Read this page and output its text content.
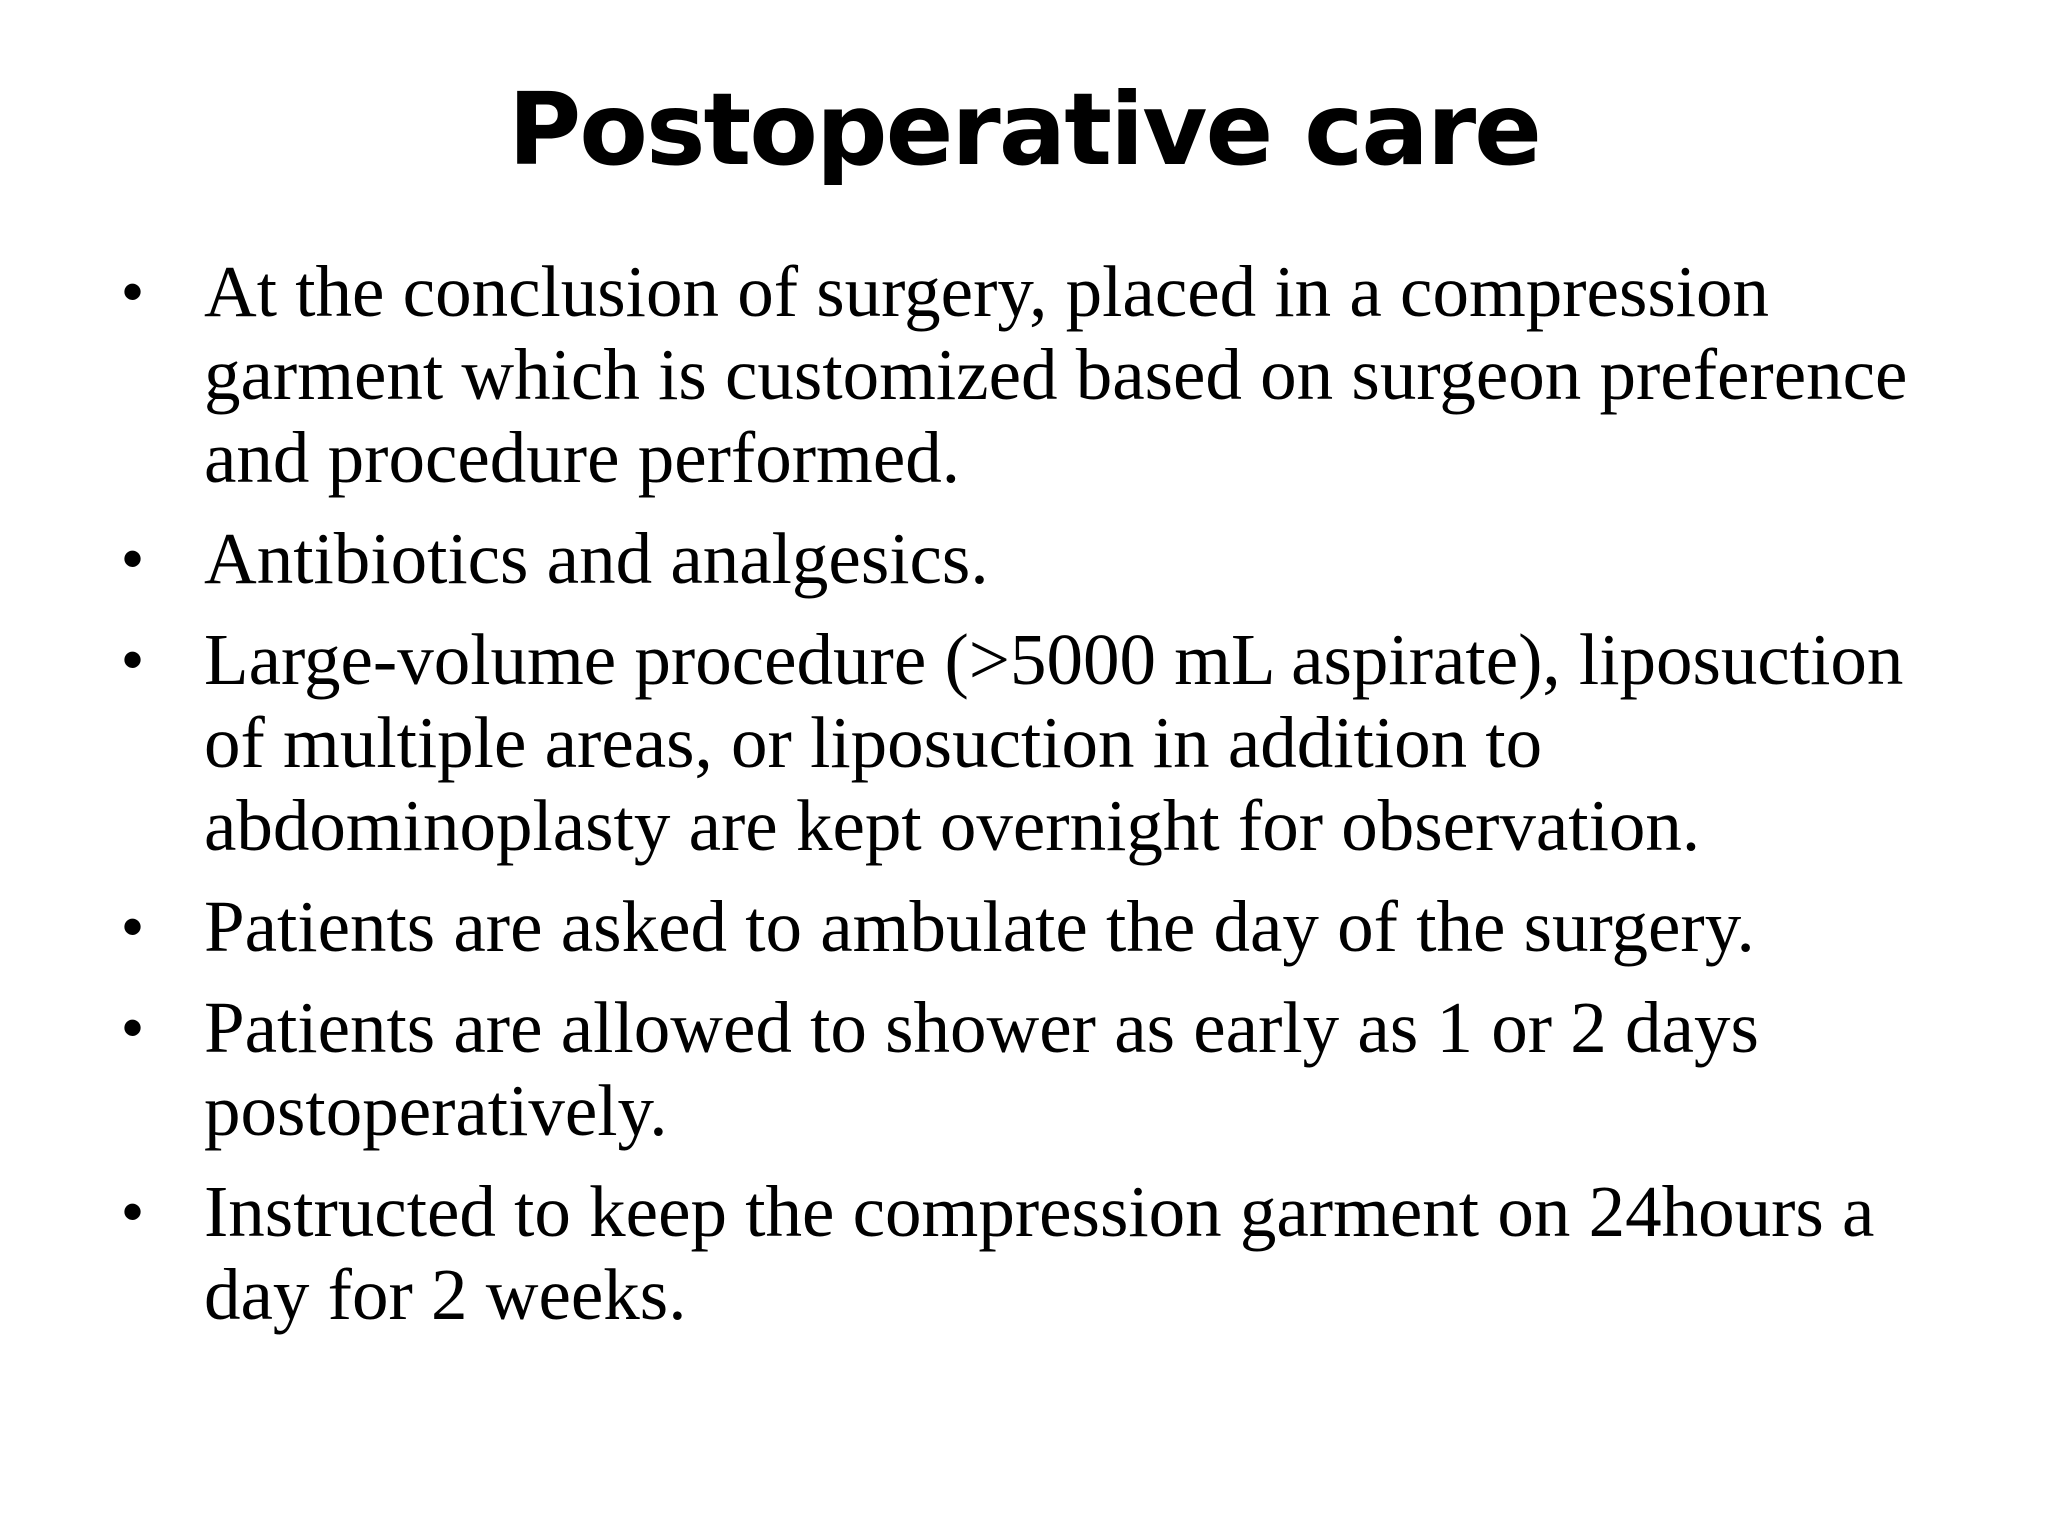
Postoperative care
• At the conclusion of surgery, placed in a compression garment which is customized based on surgeon preference and procedure performed.
• Antibiotics and analgesics.
• Large-volume procedure (>5000 mL aspirate), liposuction of multiple areas, or liposuction in addition to abdominoplasty are kept overnight for observation.
• Patients are asked to ambulate the day of the surgery.
• Patients are allowed to shower as early as 1 or 2 days postoperatively.
• Instructed to keep the compression garment on 24hours a day for 2 weeks.
